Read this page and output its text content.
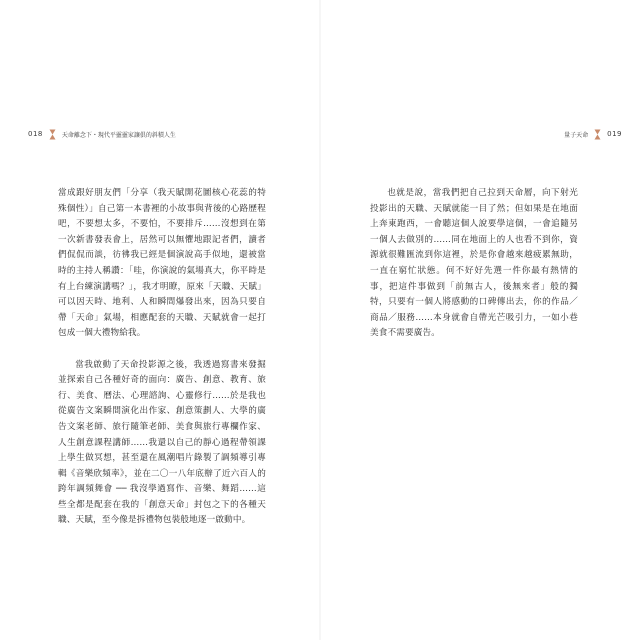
018	天命離念下・現代平靈靈家讓俱的斜積人生

當成跟好朋友們「分享（我天賦開花圖核心花蕊的特殊個性）」自己第一本書裡的小故事與背後的心路歷程吧，不要想太多，不要怕，不要排斥……沒想到在第一次新書發表會上，居然可以無懼地跟記者們，讀者們侃侃而談，彷彿我已經是個演說高手似地，還被當時的主持人稱讚：「哇，你演說的氣場真大，你平時是有上台練演講嗎？」，我才明瞭，原來「天職、天賦」可以因天時、地利、人和瞬間爆發出來，因為只要自帶「天命」氣場，相應配套的天職、天賦就會一起打包成一個大禮物給我。

當我啟動了天命投影源之後，我透過寫書來發掘並探索自己各種好奇的面向：廣告、創意、教育、旅行、美食、曆法、心理諮詢、心靈修行……於是我也從廣告文案瞬間演化出作家、創意策劃人、大學的廣告文案老師、旅行隨筆老師、美食與旅行專欄作家、人生創意課程講師……我還以自己的靜心過程帶領課上學生做冥想，甚至還在風潮唱片錄製了調頻導引專輯《音樂欣頻率》，並在二〇一八年底辦了近六百人的跨年調頻舞會 ── 我沒學過寫作、音樂、舞蹈……這些全都是配套在我的「創意天命」封包之下的各種天職、天賦，至今像是拆禮物包裝般地逐一啟動中。

量子天命	019

也就是說，當我們把自己拉到天命層，向下射光投影出的天職、天賦就能一目了然；但如果是在地面上奔東跑西，一會聽這個人說要學這個，一會追隨另一個人去做別的……同在地面上的人也看不到你，資源就很難匯流到你這裡，於是你會越來越疲累無助，一直在窮忙狀態。何不好好先選一件你最有熱情的事，把這件事做到「前無古人，後無來者」般的獨特，只要有一個人將感動的口碑傳出去，你的作品／商品／服務……本身就會自帶光芒吸引力，一如小巷美食不需要廣告。
